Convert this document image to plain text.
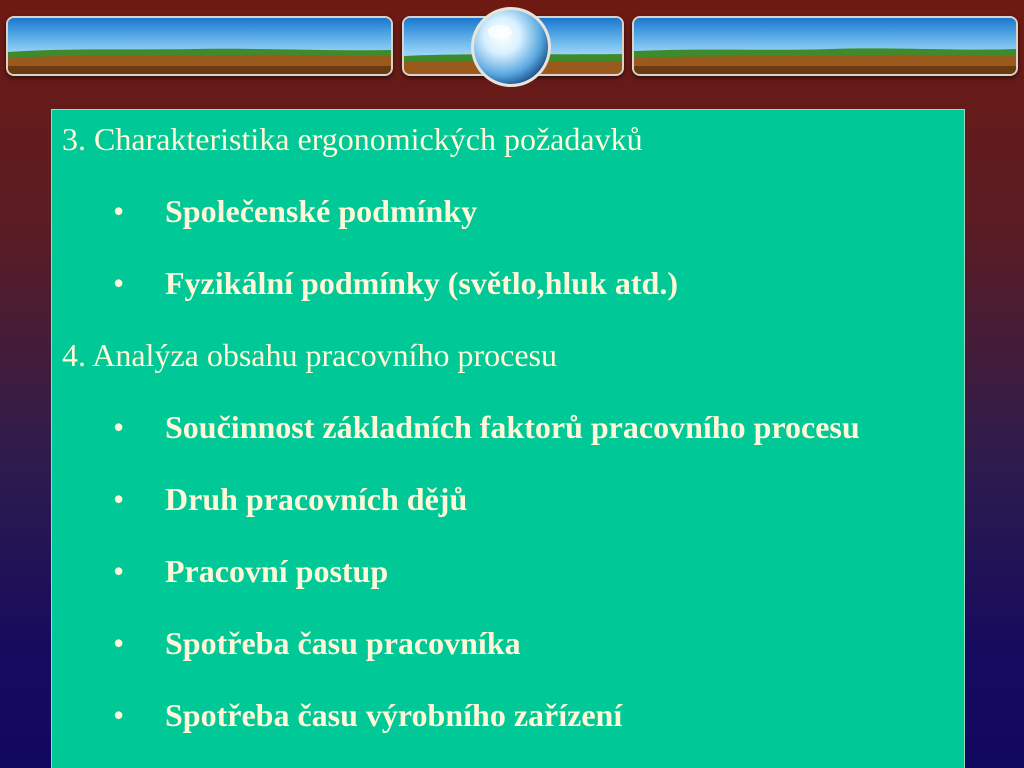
3. Charakteristika ergonomických požadavků
• Společenské podmínky
• Fyzikální podmínky (světlo,hluk atd.)
4. Analýza obsahu pracovního procesu
• Součinnost základních faktorů pracovního procesu
• Druh pracovních dějů
• Pracovní postup
• Spotřeba času pracovníka
• Spotřeba času výrobního zařízení
